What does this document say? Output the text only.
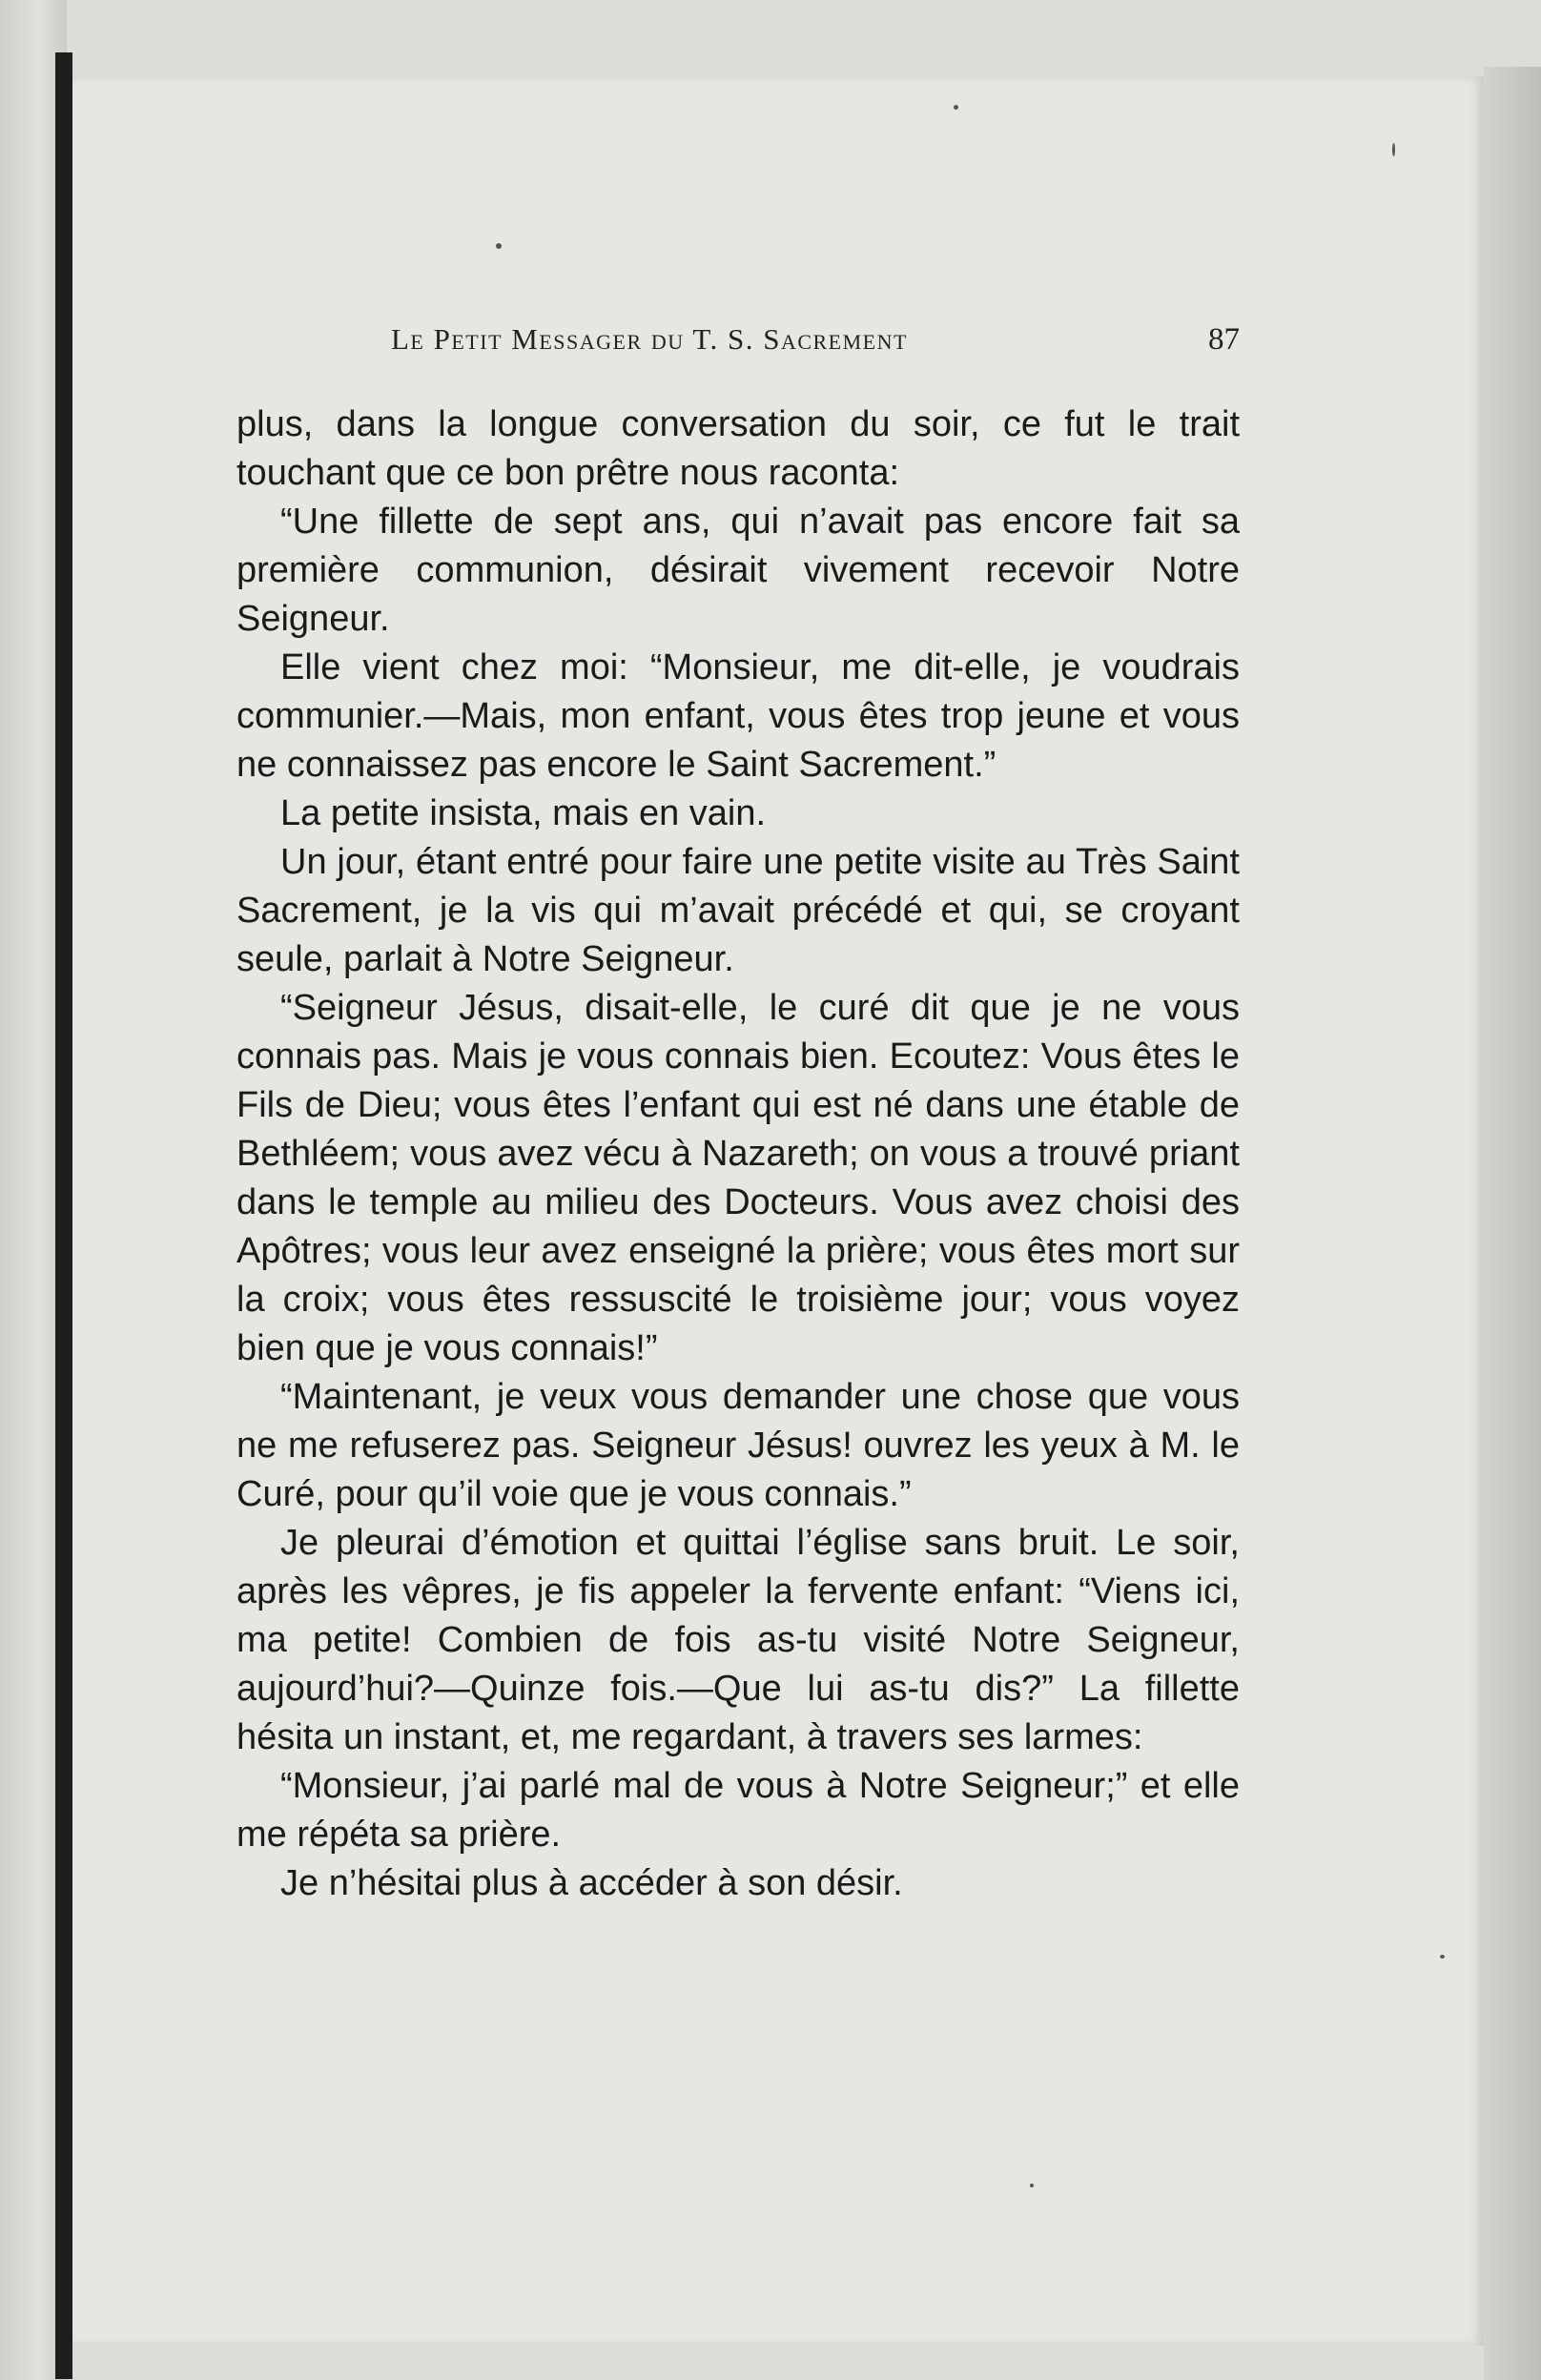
Le Petit Messager du T. S. Sacrement	87

plus, dans la longue conversation du soir, ce fut le trait touchant que ce bon prêtre nous raconta:

“Une fillette de sept ans, qui n’avait pas encore fait sa première communion, désirait vivement recevoir Notre Seigneur.

Elle vient chez moi: “Monsieur, me dit-elle, je voudrais communier.—Mais, mon enfant, vous êtes trop jeune et vous ne connaissez pas encore le Saint Sacrement.”

La petite insista, mais en vain.

Un jour, étant entré pour faire une petite visite au Très Saint Sacrement, je la vis qui m’avait précédé et qui, se croyant seule, parlait à Notre Seigneur.

“Seigneur Jésus, disait-elle, le curé dit que je ne vous connais pas. Mais je vous connais bien. Ecoutez: Vous êtes le Fils de Dieu; vous êtes l’enfant qui est né dans une étable de Bethléem; vous avez vécu à Nazareth; on vous a trouvé priant dans le temple au milieu des Docteurs. Vous avez choisi des Apôtres; vous leur avez enseigné la prière; vous êtes mort sur la croix; vous êtes ressuscité le troisième jour; vous voyez bien que je vous connais!”

“Maintenant, je veux vous demander une chose que vous ne me refuserez pas. Seigneur Jésus! ouvrez les yeux à M. le Curé, pour qu’il voie que je vous connais.”

Je pleurai d’émotion et quittai l’église sans bruit. Le soir, après les vêpres, je fis appeler la fervente enfant: “Viens ici, ma petite! Combien de fois as-tu visité Notre Seigneur, aujourd’hui?—Quinze fois.—Que lui as-tu dis?” La fillette hésita un instant, et, me regardant, à travers ses larmes:

“Monsieur, j’ai parlé mal de vous à Notre Seigneur;” et elle me répéta sa prière.

Je n’hésitai plus à accéder à son désir.
